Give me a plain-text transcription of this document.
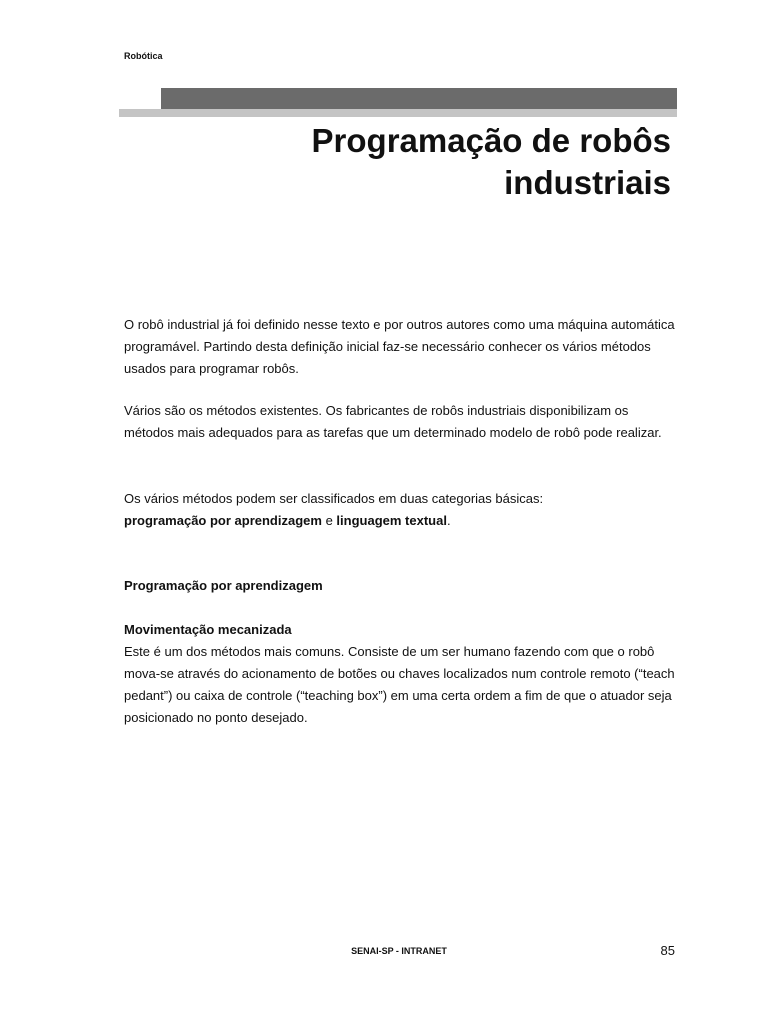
Robótica

Programação de robôs
industriais

O robô industrial já foi definido nesse texto e por outros autores como uma máquina automática programável. Partindo desta definição inicial faz-se necessário conhecer os vários métodos usados para programar robôs.

Vários são os métodos existentes. Os fabricantes de robôs industriais disponibilizam os métodos mais adequados para as tarefas que um determinado modelo de robô pode realizar.

Os vários métodos podem ser classificados em duas categorias básicas:
programação por aprendizagem e linguagem textual.

Programação por aprendizagem
Movimentação mecanizada

Este é um dos métodos mais comuns. Consiste de um ser humano fazendo com que o robô mova-se através do acionamento de botões ou chaves localizados num controle remoto (“teach pedant”) ou caixa de controle (“teaching box”) em uma certa ordem a fim de que o atuador seja posicionado no ponto desejado.

SENAI-SP - INTRANET	85
